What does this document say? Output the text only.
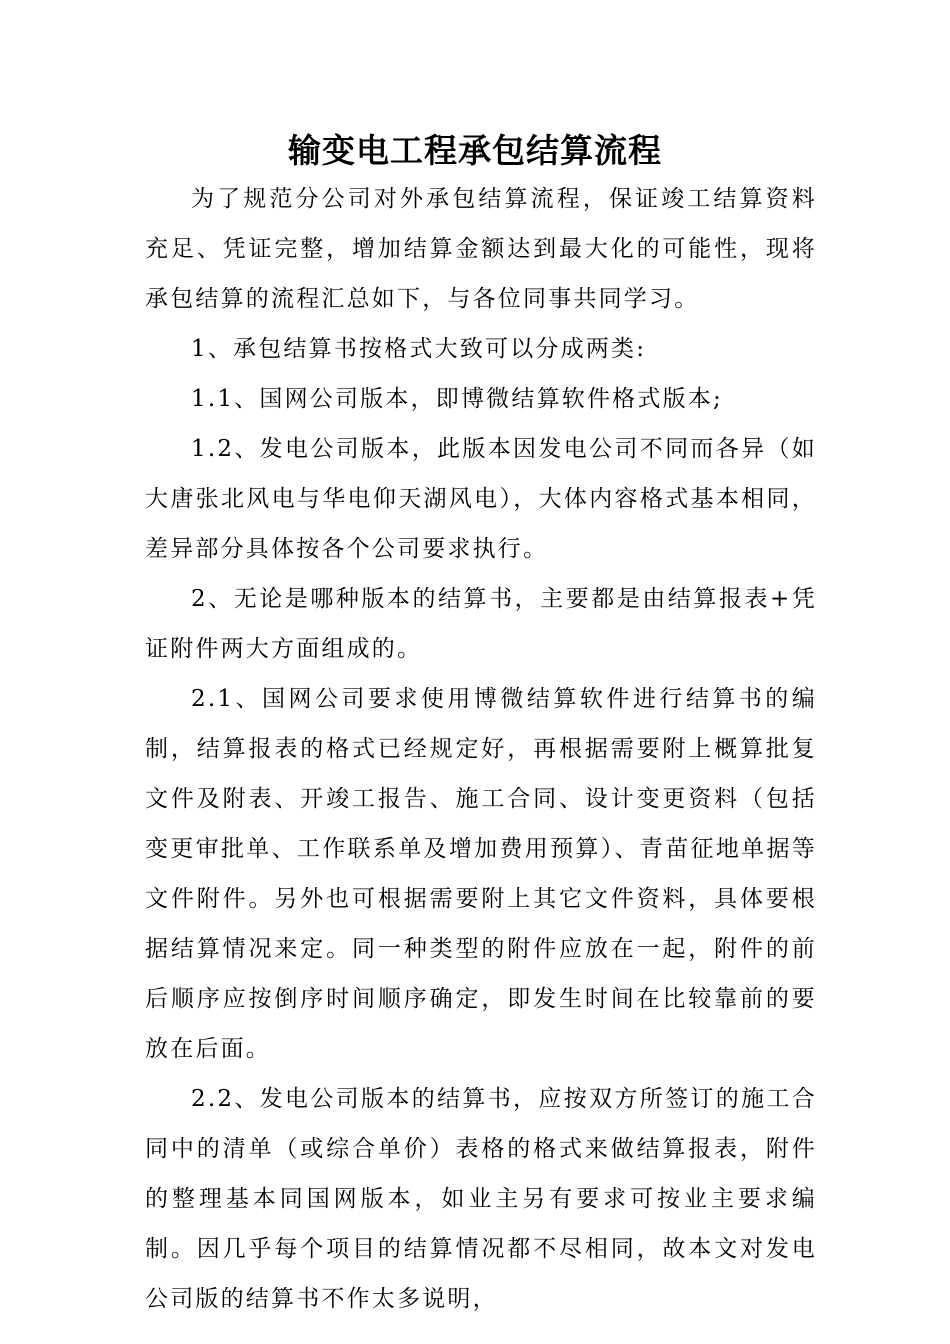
输变电工程承包结算流程

为了规范分公司对外承包结算流程，保证竣工结算资料充足、凭证完整，增加结算金额达到最大化的可能性，现将承包结算的流程汇总如下，与各位同事共同学习。

1、承包结算书按格式大致可以分成两类:

1.1、国网公司版本，即博微结算软件格式版本;

1.2、发电公司版本，此版本因发电公司不同而各异（如大唐张北风电与华电仰天湖风电），大体内容格式基本相同，差异部分具体按各个公司要求执行。

2、无论是哪种版本的结算书，主要都是由结算报表+凭证附件两大方面组成的。

2.1、国网公司要求使用博微结算软件进行结算书的编制，结算报表的格式已经规定好，再根据需要附上概算批复文件及附表、开竣工报告、施工合同、设计变更资料（包括变更审批单、工作联系单及增加费用预算）、青苗征地单据等文件附件。另外也可根据需要附上其它文件资料，具体要根据结算情况来定。同一种类型的附件应放在一起，附件的前后顺序应按倒序时间顺序确定，即发生时间在比较靠前的要放在后面。

2.2、发电公司版本的结算书，应按双方所签订的施工合同中的清单（或综合单价）表格的格式来做结算报表，附件的整理基本同国网版本，如业主另有要求可按业主要求编制。因几乎每个项目的结算情况都不尽相同，故本文对发电公司版的结算书不作太多说明，
